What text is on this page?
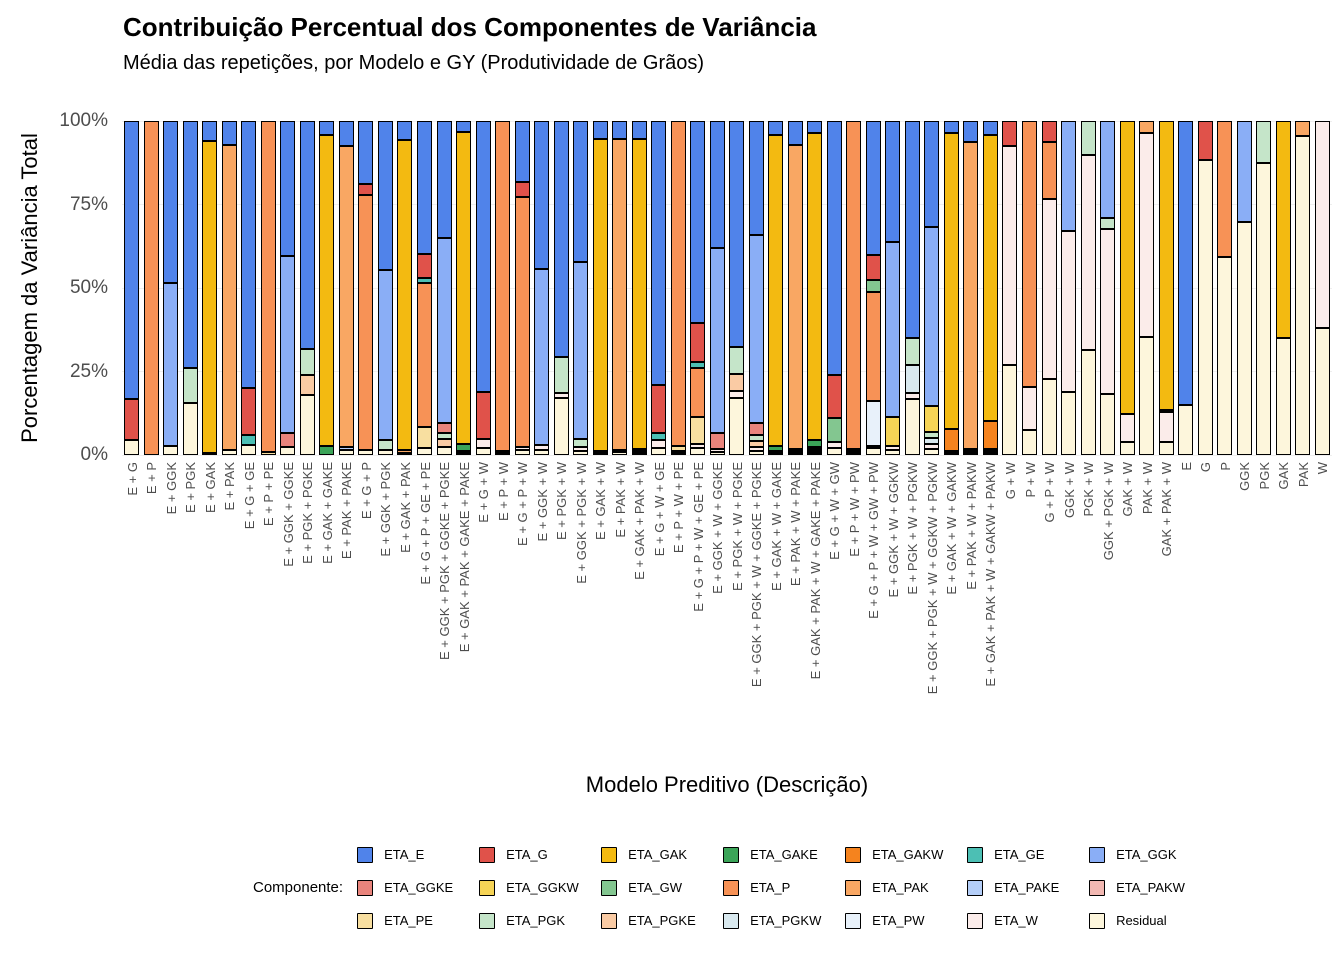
Contribuição Percentual dos Componentes de Variância
Média das repetições, por Modelo e GY (Produtividade de Grãos)
Porcentagem da Variância Total
0%
25%
50%
75%
100%
E + G E + P E + GGK E + PGK E + GAK E + PAK E + G + GE E + P + PE E + GGK + GGKE E + PGK + PGKE E + GAK + GAKE E + PAK + PAKE E + G + P E + GGK + PGK E + GAK + PAK E + G + P + GE + PE E + GGK + PGK + GGKE + PGKE E + GAK + PAK + GAKE + PAKE E + G + W E + P + W E + G + P + W E + GGK + W E + PGK + W E + GGK + PGK + W E + GAK + W E + PAK + W E + GAK + PAK + W E + G + W + GE E + P + W + PE E + G + P + W + GE + PE E + GGK + W + GGKE E + PGK + W + PGKE E + GGK + PGK + W + GGKE + PGKE E + GAK + W + GAKE E + PAK + W + PAKE E + GAK + PAK + W + GAKE + PAKE E + G + W + GW E + P + W + PW E + G + P + W + GW + PW E + GGK + W + GGKW E + PGK + W + PGKW E + GGK + PGK + W + GGKW + PGKW E + GAK + W + GAKW E + PAK + W + PAKW E + GAK + PAK + W + GAKW + PAKW G + W P + W G + P + W GGK + W PGK + W GGK + PGK + W GAK + W PAK + W GAK + PAK + W E G P GGK PGK GAK PAK W
Modelo Preditivo (Descrição)
Componente:
ETA_E	ETA_G	ETA_GAK	ETA_GAKE	ETA_GAKW	ETA_GE	ETA_GGK
ETA_GGKE	ETA_GGKW	ETA_GW	ETA_P	ETA_PAK	ETA_PAKE	ETA_PAKW
ETA_PE	ETA_PGK	ETA_PGKE	ETA_PGKW	ETA_PW	ETA_W	Residual
